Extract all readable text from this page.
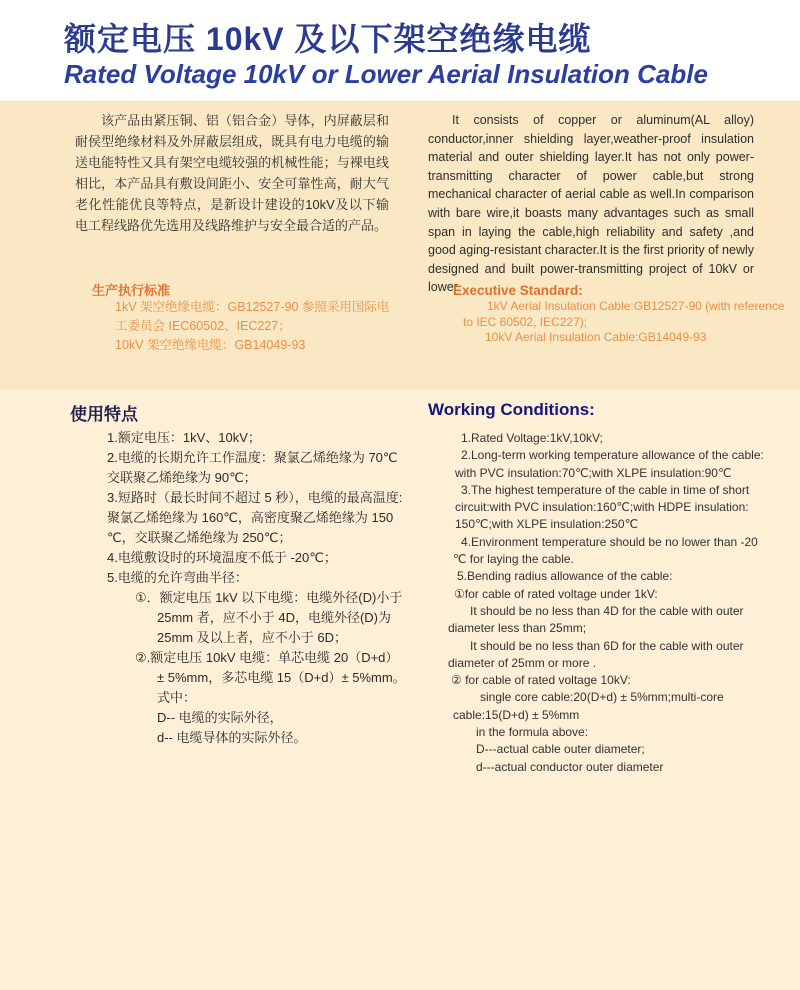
额定电压 10kV 及以下架空绝缘电缆
Rated Voltage 10kV or Lower Aerial Insulation Cable

该产品由紧压铜、铝（铝合金）导体，内屏蔽层和耐侯型绝缘材料及外屏蔽层组成，既具有电力电缆的输送电能特性又具有架空电缆较强的机械性能；与裸电线相比，本产品具有敷设间距小、安全可靠性高，耐大气老化性能优良等特点，是新设计建设的10kV及以下输电工程线路优先选用及线路维护与安全最合适的产品。

It consists of copper or aluminum(AL alloy) conductor,inner shielding layer,weather-proof insulation material and outer shielding layer.It has not only power-transmitting character of power cable,but strong mechanical character of aerial cable as well.In comparison with bare wire,it boasts many advantages such as small span in laying the cable,high reliability and safety ,and good aging-resistant character.It is the first priority of newly designed and built power-transmitting project of 10kV or lower.

生产执行标准
1kV 架空绝缘电缆：GB12527-90 参照采用国际电
工委员会 IEC60502、IEC227；
10kV 架空绝缘电缆：GB14049-93
Executive Standard:
1kV Aerial Insulation Cable:GB12527-90 (with reference
to IEC 60502, IEC227);
10kV Aerial Insulation Cable:GB14049-93
使用特点
1.额定电压：1kV、10kV；
2.电缆的长期允许工作温度：聚氯乙烯绝缘为 70℃
交联聚乙烯绝缘为 90℃；
3.短路时（最长时间不超过 5 秒），电缆的最高温度:
聚氯乙烯绝缘为 160℃，高密度聚乙烯绝缘为 150
℃，交联聚乙烯绝缘为 250℃；
4.电缆敷设时的环境温度不低于 -20℃；
5.电缆的允许弯曲半径：
①．额定电压 1kV 以下电缆：电缆外径(D)小于
25mm 者，应不小于 4D，电缆外径(D)为
25mm 及以上者，应不小于 6D；
②.额定电压 10kV 电缆：单芯电缆 20（D+d）
± 5%mm，多芯电缆 15（D+d）± 5%mm。
式中：
D-- 电缆的实际外径，
d-- 电缆导体的实际外径。
Working Conditions:
1.Rated Voltage:1kV,10kV;
2.Long-term working temperature allowance of the cable:
with PVC insulation:70℃;with XLPE insulation:90℃
3.The highest temperature of the cable in time of short
circuit:with PVC insulation:160℃;with HDPE insulation:
150℃;with XLPE insulation:250℃
4.Environment temperature should be no lower than -20
℃ for laying the cable.
5.Bending radius allowance of the cable:
①for cable of rated voltage under 1kV:
It should be no less than 4D for the cable with outer
diameter less than 25mm;
It should be no less than 6D for the cable with outer
diameter of 25mm or more .
② for cable of rated voltage 10kV:
single core cable:20(D+d) ± 5%mm;multi-core
cable:15(D+d) ± 5%mm
in the formula above:
D---actual cable outer diameter;
d---actual conductor outer diameter
